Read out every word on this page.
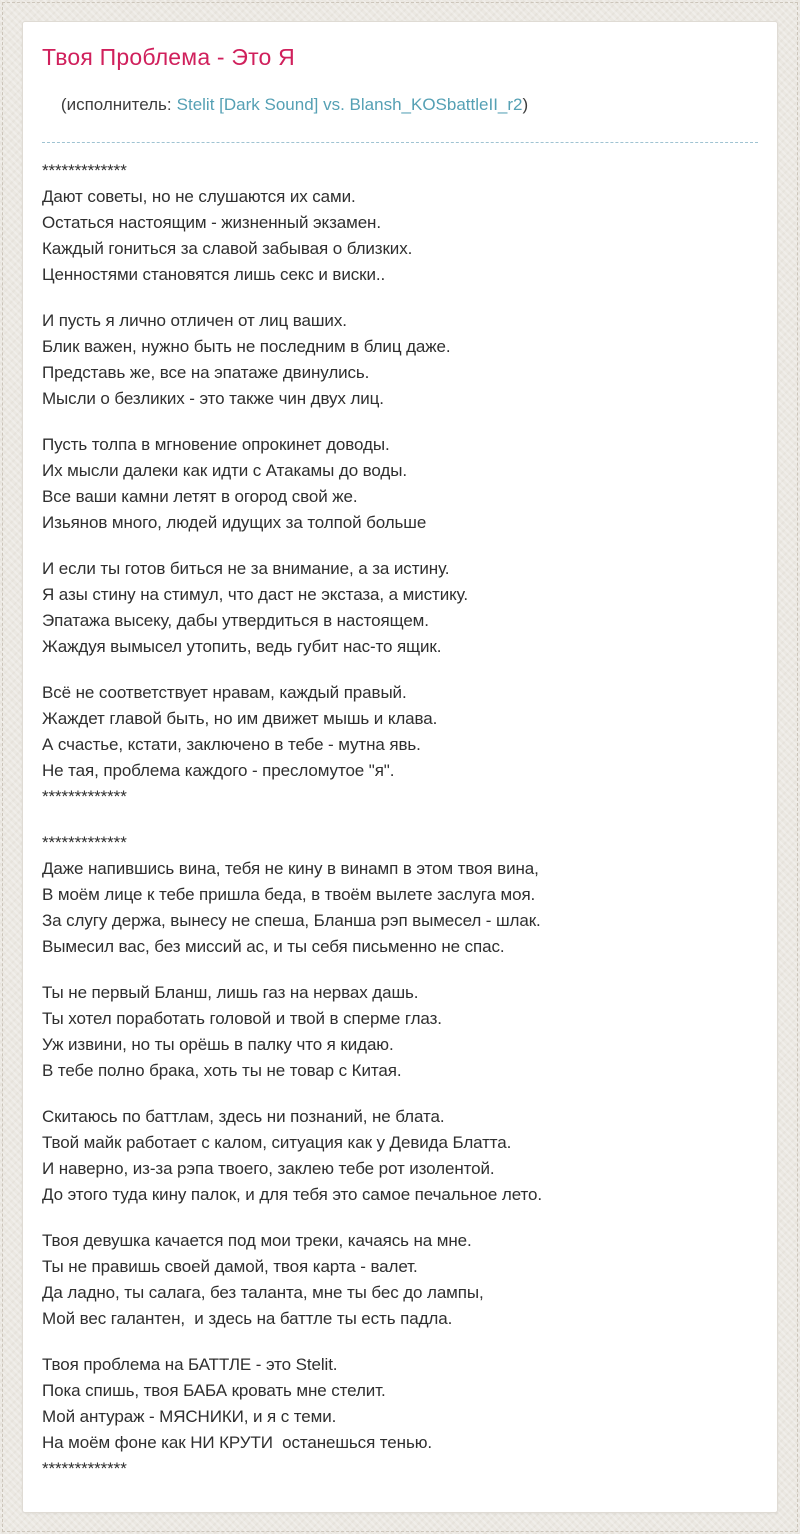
Твоя Проблема - Это Я

(исполнитель: Stelit [Dark Sound] vs. Blansh_KOSbattleII_r2)

*************
Дают советы, но не слушаются их сами.
Остаться настоящим - жизненный экзамен.
Каждый гониться за славой забывая о близких.
Ценностями становятся лишь секс и виски..
И пусть я лично отличен от лиц ваших.
Блик важен, нужно быть не последним в блиц даже.
Представь же, все на эпатаже двинулись.
Мысли о безликих - это также чин двух лиц.
Пусть толпа в мгновение опрокинет доводы.
Их мысли далеки как идти с Атакамы до воды.
Все ваши камни летят в огород свой же.
Изьянов много, людей идущих за толпой больше
И если ты готов биться не за внимание, а за истину.
Я азы стину на стимул, что даст не экстаза, а мистику.
Эпатажа высеку, дабы утвердиться в настоящем.
Жаждуя вымысел утопить, ведь губит нас-то ящик.
Всё не соответствует нравам, каждый правый.
Жаждет главой быть, но им движет мышь и клава.
А счастье, кстати, заключено в тебе - мутна явь.
Не тая, проблема каждого - пресломутое "я".
*************
*************
Даже напившись вина, тебя не кину в винамп в этом твоя вина,
В моём лице к тебе пришла беда, в твоём вылете заслуга моя.
За слугу держа, вынесу не спеша, Бланша рэп вымесел - шлак.
Вымесил вас, без миссий ас, и ты себя письменно не спас.
Ты не первый Бланш, лишь газ на нервах дашь.
Ты хотел поработать головой и твой в сперме глаз.
Уж извини, но ты орёшь в палку что я кидаю.
В тебе полно брака, хоть ты не товар с Китая.
Скитаюсь по баттлам, здесь ни познаний, не блата.
Твой майк работает с калом, ситуация как у Девида Блатта.
И наверно, из-за рэпа твоего, заклею тебе рот изолентой.
До этого туда кину палок, и для тебя это самое печальное лето.
Твоя девушка качается под мои треки, качаясь на мне.
Ты не правишь своей дамой, твоя карта - валет.
Да ладно, ты салага, без таланта, мне ты бес до лампы,
Мой вес галантен,  и здесь на баттле ты есть падла.
Твоя проблема на БАТТЛЕ - это Stelit.
Пока спишь, твоя БАБА кровать мне стелит.
Мой антураж - МЯСНИКИ, и я с теми.
На моём фоне как НИ КРУТИ  останешься тенью.
*************
